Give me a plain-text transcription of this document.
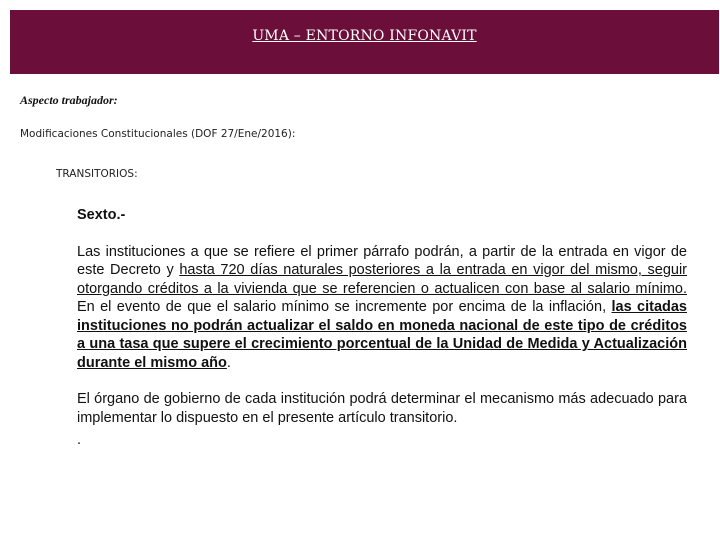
UMA – ENTORNO INFONAVIT
Aspecto trabajador:
Modificaciones Constitucionales (DOF 27/Ene/2016):
TRANSITORIOS:
Sexto.-

Las instituciones a que se refiere el primer párrafo podrán, a partir de la entrada en vigor de este Decreto y hasta 720 días naturales posteriores a la entrada en vigor del mismo, seguir otorgando créditos a la vivienda que se referencien o actualicen con base al salario mínimo. En el evento de que el salario mínimo se incremente por encima de la inflación, las citadas instituciones no podrán actualizar el saldo en moneda nacional de este tipo de créditos a una tasa que supere el crecimiento porcentual de la Unidad de Medida y Actualización durante el mismo año.

El órgano de gobierno de cada institución podrá determinar el mecanismo más adecuado para implementar lo dispuesto en el presente artículo transitorio.

.
